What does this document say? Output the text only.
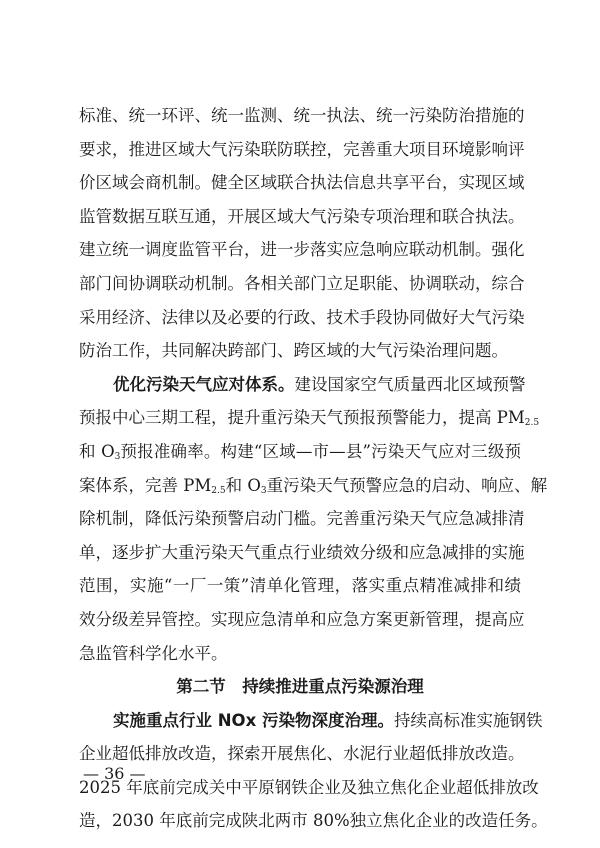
标准、统一环评、统一监测、统一执法、统一污染防治措施的
要求，推进区域大气污染联防联控，完善重大项目环境影响评
价区域会商机制。健全区域联合执法信息共享平台，实现区域
监管数据互联互通，开展区域大气污染专项治理和联合执法。
建立统一调度监管平台，进一步落实应急响应联动机制。强化
部门间协调联动机制。各相关部门立足职能、协调联动，综合
采用经济、法律以及必要的行政、技术手段协同做好大气污染
防治工作，共同解决跨部门、跨区域的大气污染治理问题。
优化污染天气应对体系。建设国家空气质量西北区域预警
预报中心三期工程，提升重污染天气预报预警能力，提高 $PM_{2.5}$
和 $O_3$预报准确率。构建“区域—市—县”污染天气应对三级预
案体系，完善 $PM_{2.5}$和 $O_3$重污染天气预警应急的启动、响应、解
除机制，降低污染预警启动门槛。完善重污染天气应急减排清
单，逐步扩大重污染天气重点行业绩效分级和应急减排的实施
范围，实施“一厂一策”清单化管理，落实重点精准减排和绩
效分级差异管控。实现应急清单和应急方案更新管理，提高应
急监管科学化水平。
第二节　持续推进重点污染源治理
实施重点行业 NOx 污染物深度治理。持续高标准实施钢铁
企业超低排放改造，探索开展焦化、水泥行业超低排放改造。
2025 年底前完成关中平原钢铁企业及独立焦化企业超低排放改
造，2030 年底前完成陕北两市 80%独立焦化企业的改造任务。
— 36 —
